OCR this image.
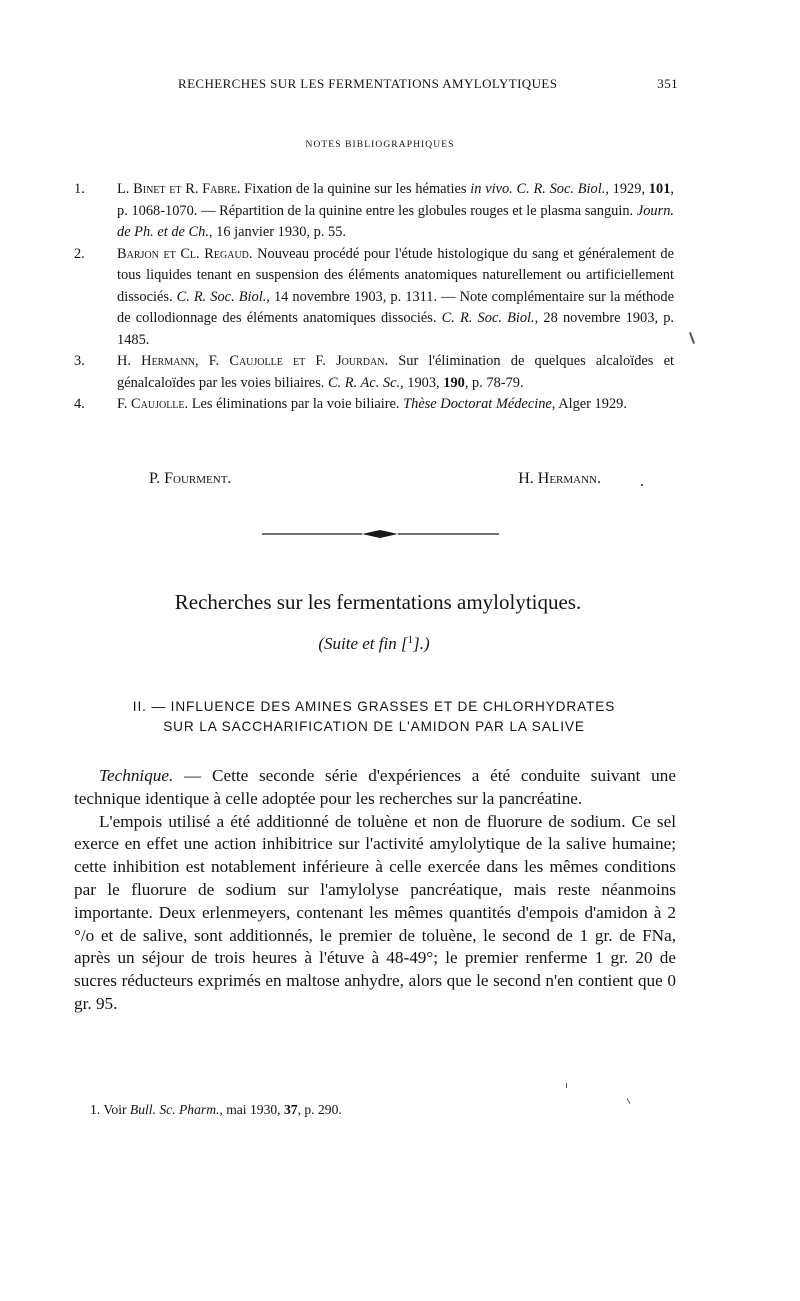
RECHERCHES SUR LES FERMENTATIONS AMYLOLYTIQUES	351
NOTES BIBLIOGRAPHIQUES

1. L. Binet et R. Fabre. Fixation de la quinine sur les hématies in vivo. C. R. Soc. Biol., 1929, 101, p. 1068-1070. — Répartition de la quinine entre les globules rouges et le plasma sanguin. Journ. de Ph. et de Ch., 16 janvier 1930, p. 55.

2. Barjon et Cl. Regaud. Nouveau procédé pour l'étude histologique du sang et généralement de tous liquides tenant en suspension des éléments anatomiques naturellement ou artificiellement dissociés. C. R. Soc. Biol., 14 novembre 1903, p. 1311. — Note complémentaire sur la méthode de collodionnage des éléments anatomiques dissociés. C. R. Soc. Biol., 28 novembre 1903, p. 1485.

3. H. Hermann, F. Caujolle et F. Jourdan. Sur l'élimination de quelques alcaloïdes et génalcaloïdes par les voies biliaires. C. R. Ac. Sc., 1903, 190, p. 78-79.

4. F. Caujolle. Les éliminations par la voie biliaire. Thèse Doctorat Médecine, Alger 1929.

P. Fourment.	H. Hermann.
Recherches sur les fermentations amylolytiques.
(Suite et fin [$^1$].)
II. — INFLUENCE DES AMINES GRASSES ET DE CHLORHYDRATES
SUR LA SACCHARIFICATION DE L'AMIDON PAR LA SALIVE

Technique. — Cette seconde série d'expériences a été conduite suivant une technique identique à celle adoptée pour les recherches sur la pancréatine.

L'empois utilisé a été additionné de toluène et non de fluorure de sodium. Ce sel exerce en effet une action inhibitrice sur l'activité amylolytique de la salive humaine; cette inhibition est notablement inférieure à celle exercée dans les mêmes conditions par le fluorure de sodium sur l'amylolyse pancréatique, mais reste néanmoins importante. Deux erlenmeyers, contenant les mêmes quantités d'empois d'amidon à 2 °/o et de salive, sont additionnés, le premier de toluène, le second de 1 gr. de FNa, après un séjour de trois heures à l'étuve à 48-49°; le premier renferme 1 gr. 20 de sucres réducteurs exprimés en maltose anhydre, alors que le second n'en contient que 0 gr. 95.

1. Voir Bull. Sc. Pharm., mai 1930, 37, p. 290.
